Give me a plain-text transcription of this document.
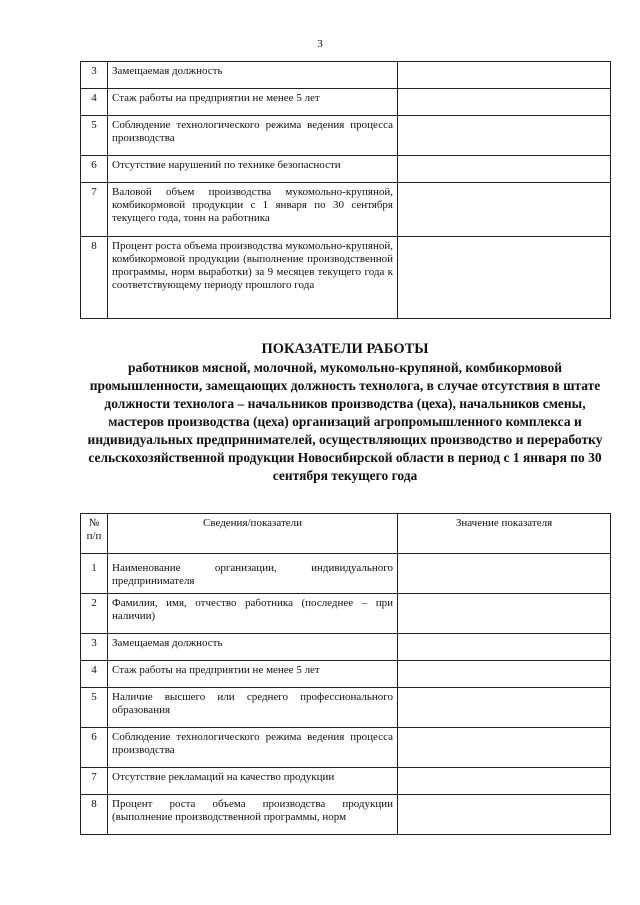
3
3	Замещаемая должность	
4	Стаж работы на предприятии не менее 5 лет	
5	Соблюдение технологического режима ведения процесса производства	
6	Отсутствие нарушений по технике безопасности	
7	Валовой объем производства мукомольно-крупяной, комбикормовой продукции с 1 января по 30 сентября текущего года, тонн на работника	
8	Процент роста объема производства мукомольно-крупяной, комбикормовой продукции (выполнение производственной программы, норм выработки) за 9 месяцев текущего года к соответствующему периоду прошлого года	
ПОКАЗАТЕЛИ РАБОТЫ
работников мясной, молочной, мукомольно-крупяной, комбикормовой промышленности, замещающих должность технолога, в случае отсутствия в штате должности технолога – начальников производства (цеха), начальников смены, мастеров производства (цеха) организаций агропромышленного комплекса и индивидуальных предпринимателей, осуществляющих производство и переработку сельскохозяйственной продукции Новосибирской области в период с 1 января по 30 сентября текущего года
№ п/п	Сведения/показатели	Значение показателя
1	Наименование организации, индивидуального предпринимателя	
2	Фамилия, имя, отчество работника (последнее – при наличии)	
3	Замещаемая должность	
4	Стаж работы на предприятии не менее 5 лет	
5	Наличие высшего или среднего профессионального образования	
6	Соблюдение технологического режима ведения процесса производства	
7	Отсутствие рекламаций на качество продукции	
8	Процент роста объема производства продукции (выполнение производственной программы, норм	
